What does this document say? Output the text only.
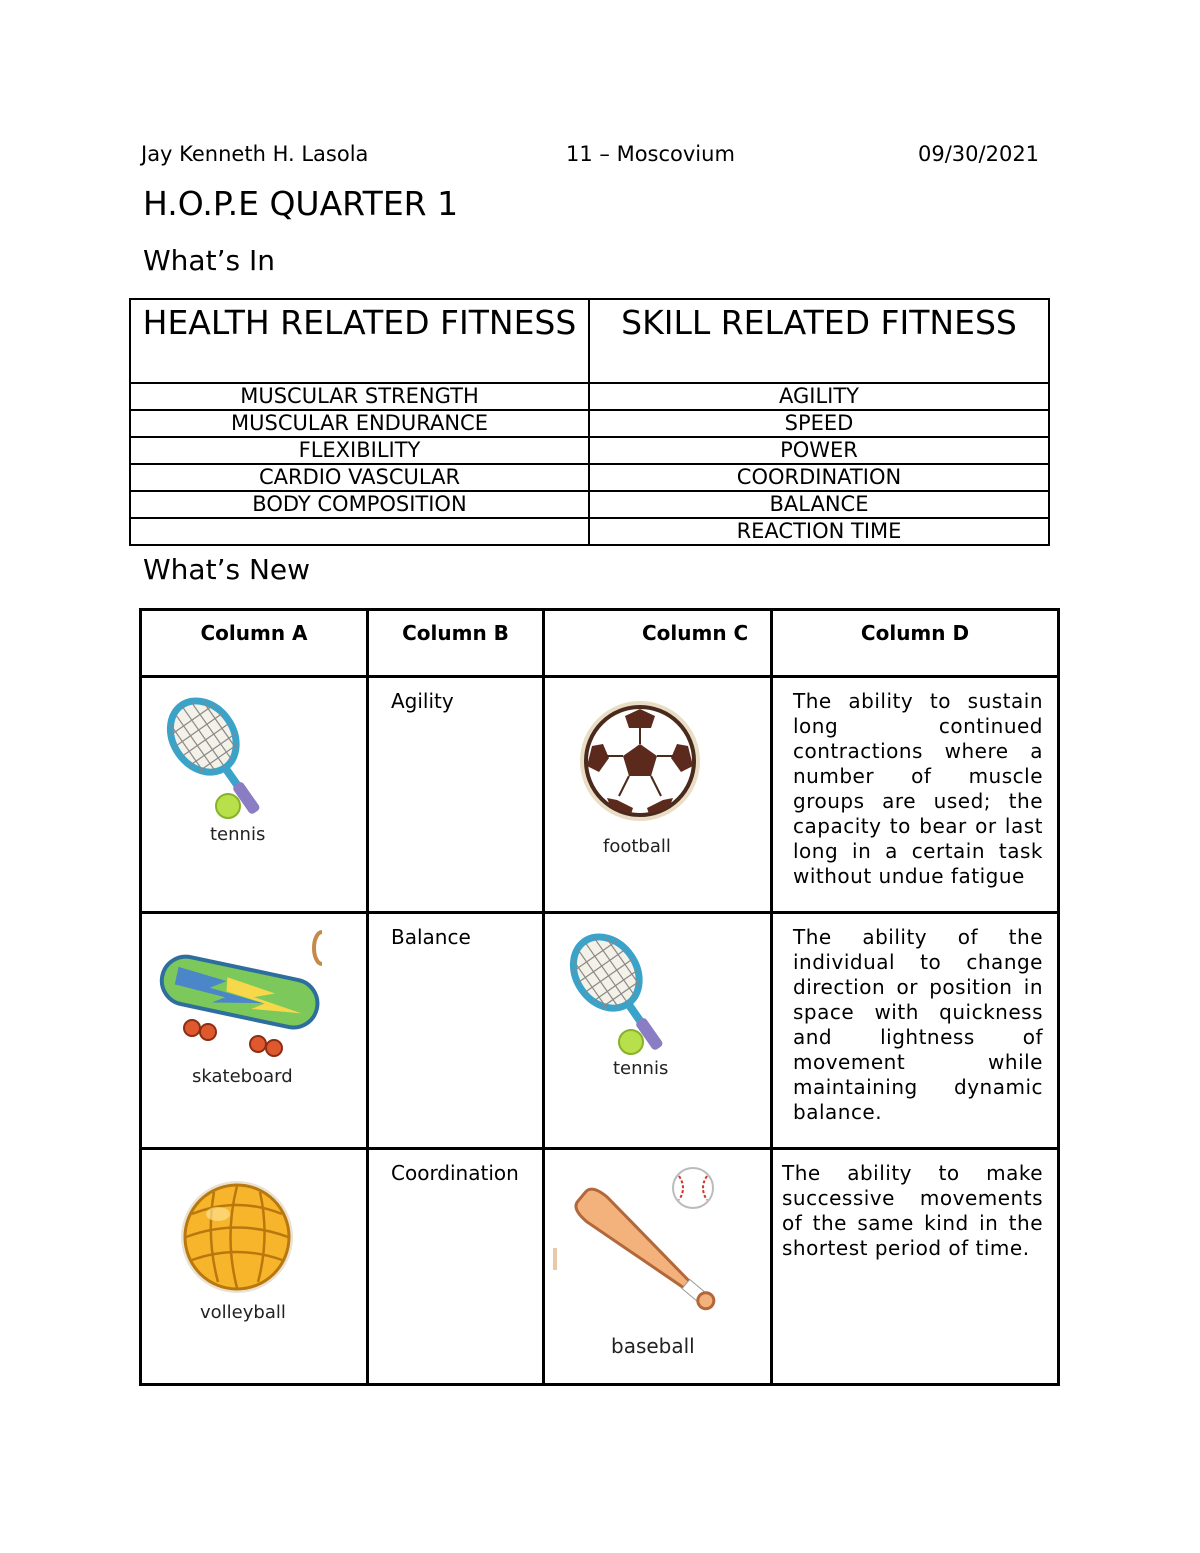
Jay Kenneth H. Lasola	11 – Moscovium	09/30/2021
H.O.P.E QUARTER 1
What’s In
HEALTH RELATED FITNESS	SKILL RELATED FITNESS
MUSCULAR STRENGTH	AGILITY
MUSCULAR ENDURANCE	SPEED
FLEXIBILITY	POWER
CARDIO VASCULAR	COORDINATION
BODY COMPOSITION	BALANCE
	REACTION TIME
What’s New
Column A	Column B	Column C	Column D

tennis	Agility	football	The ability to sustain long continued contractions where a number of muscle groups are used; the capacity to bear or last long in a certain task without undue fatigue

skateboard	Balance	tennis	The ability of the individual to change direction or position in space with quickness and lightness of movement while maintaining dynamic balance.

volleyball	Coordination	baseball	The ability to make successive movements of the same kind in the shortest period of time.
